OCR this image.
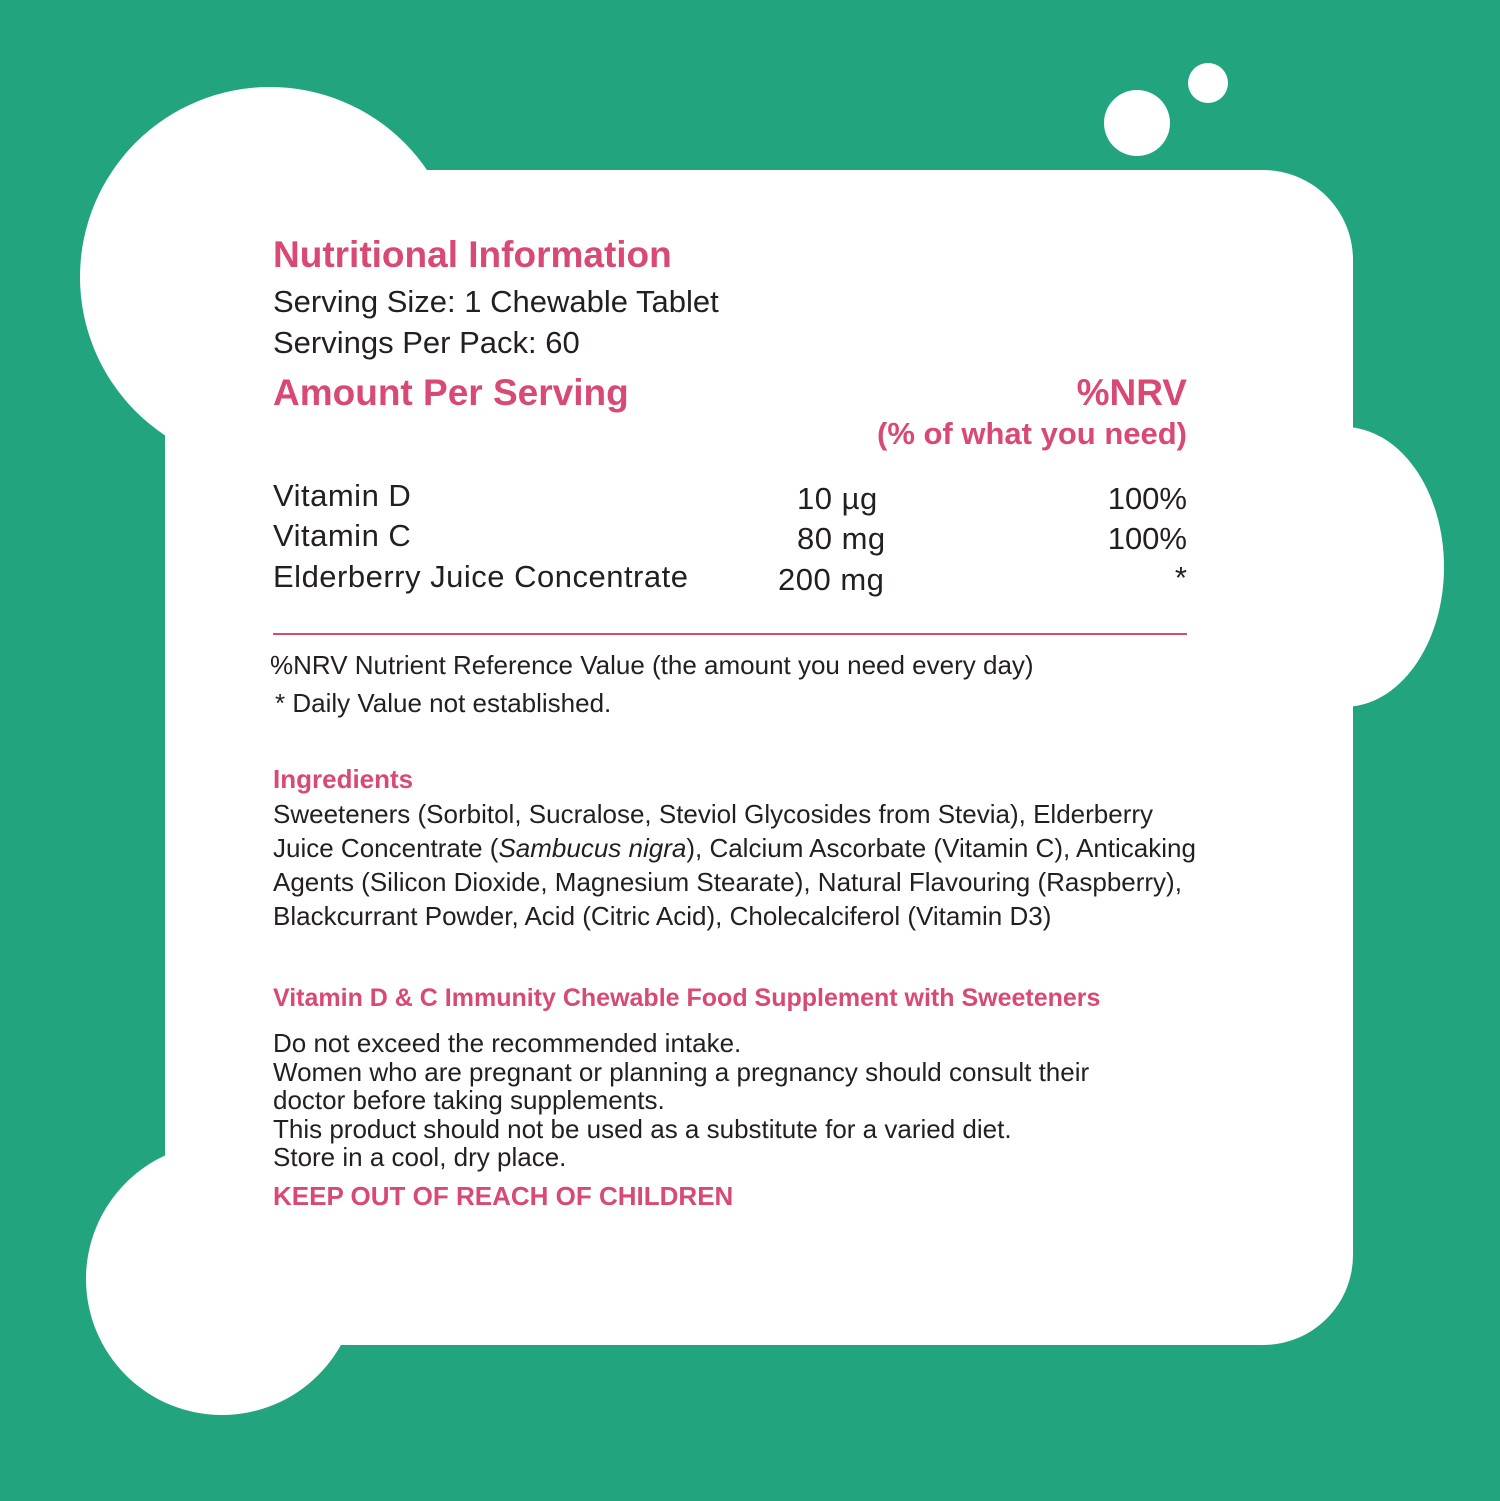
Nutritional Information
Serving Size: 1 Chewable Tablet
Servings Per Pack: 60
Amount Per Serving	%NRV
(% of what you need)
Vitamin D	10 µg	100%
Vitamin C	80 mg	100%
Elderberry Juice Concentrate	200 mg	*
%NRV Nutrient Reference Value (the amount you need every day)
* Daily Value not established.
Ingredients
Sweeteners (Sorbitol, Sucralose, Steviol Glycosides from Stevia), Elderberry Juice Concentrate (Sambucus nigra), Calcium Ascorbate (Vitamin C), Anticaking Agents (Silicon Dioxide, Magnesium Stearate), Natural Flavouring (Raspberry), Blackcurrant Powder, Acid (Citric Acid), Cholecalciferol (Vitamin D3)
Vitamin D & C Immunity Chewable Food Supplement with Sweeteners
Do not exceed the recommended intake.
Women who are pregnant or planning a pregnancy should consult their
doctor before taking supplements.
This product should not be used as a substitute for a varied diet.
Store in a cool, dry place.
KEEP OUT OF REACH OF CHILDREN
